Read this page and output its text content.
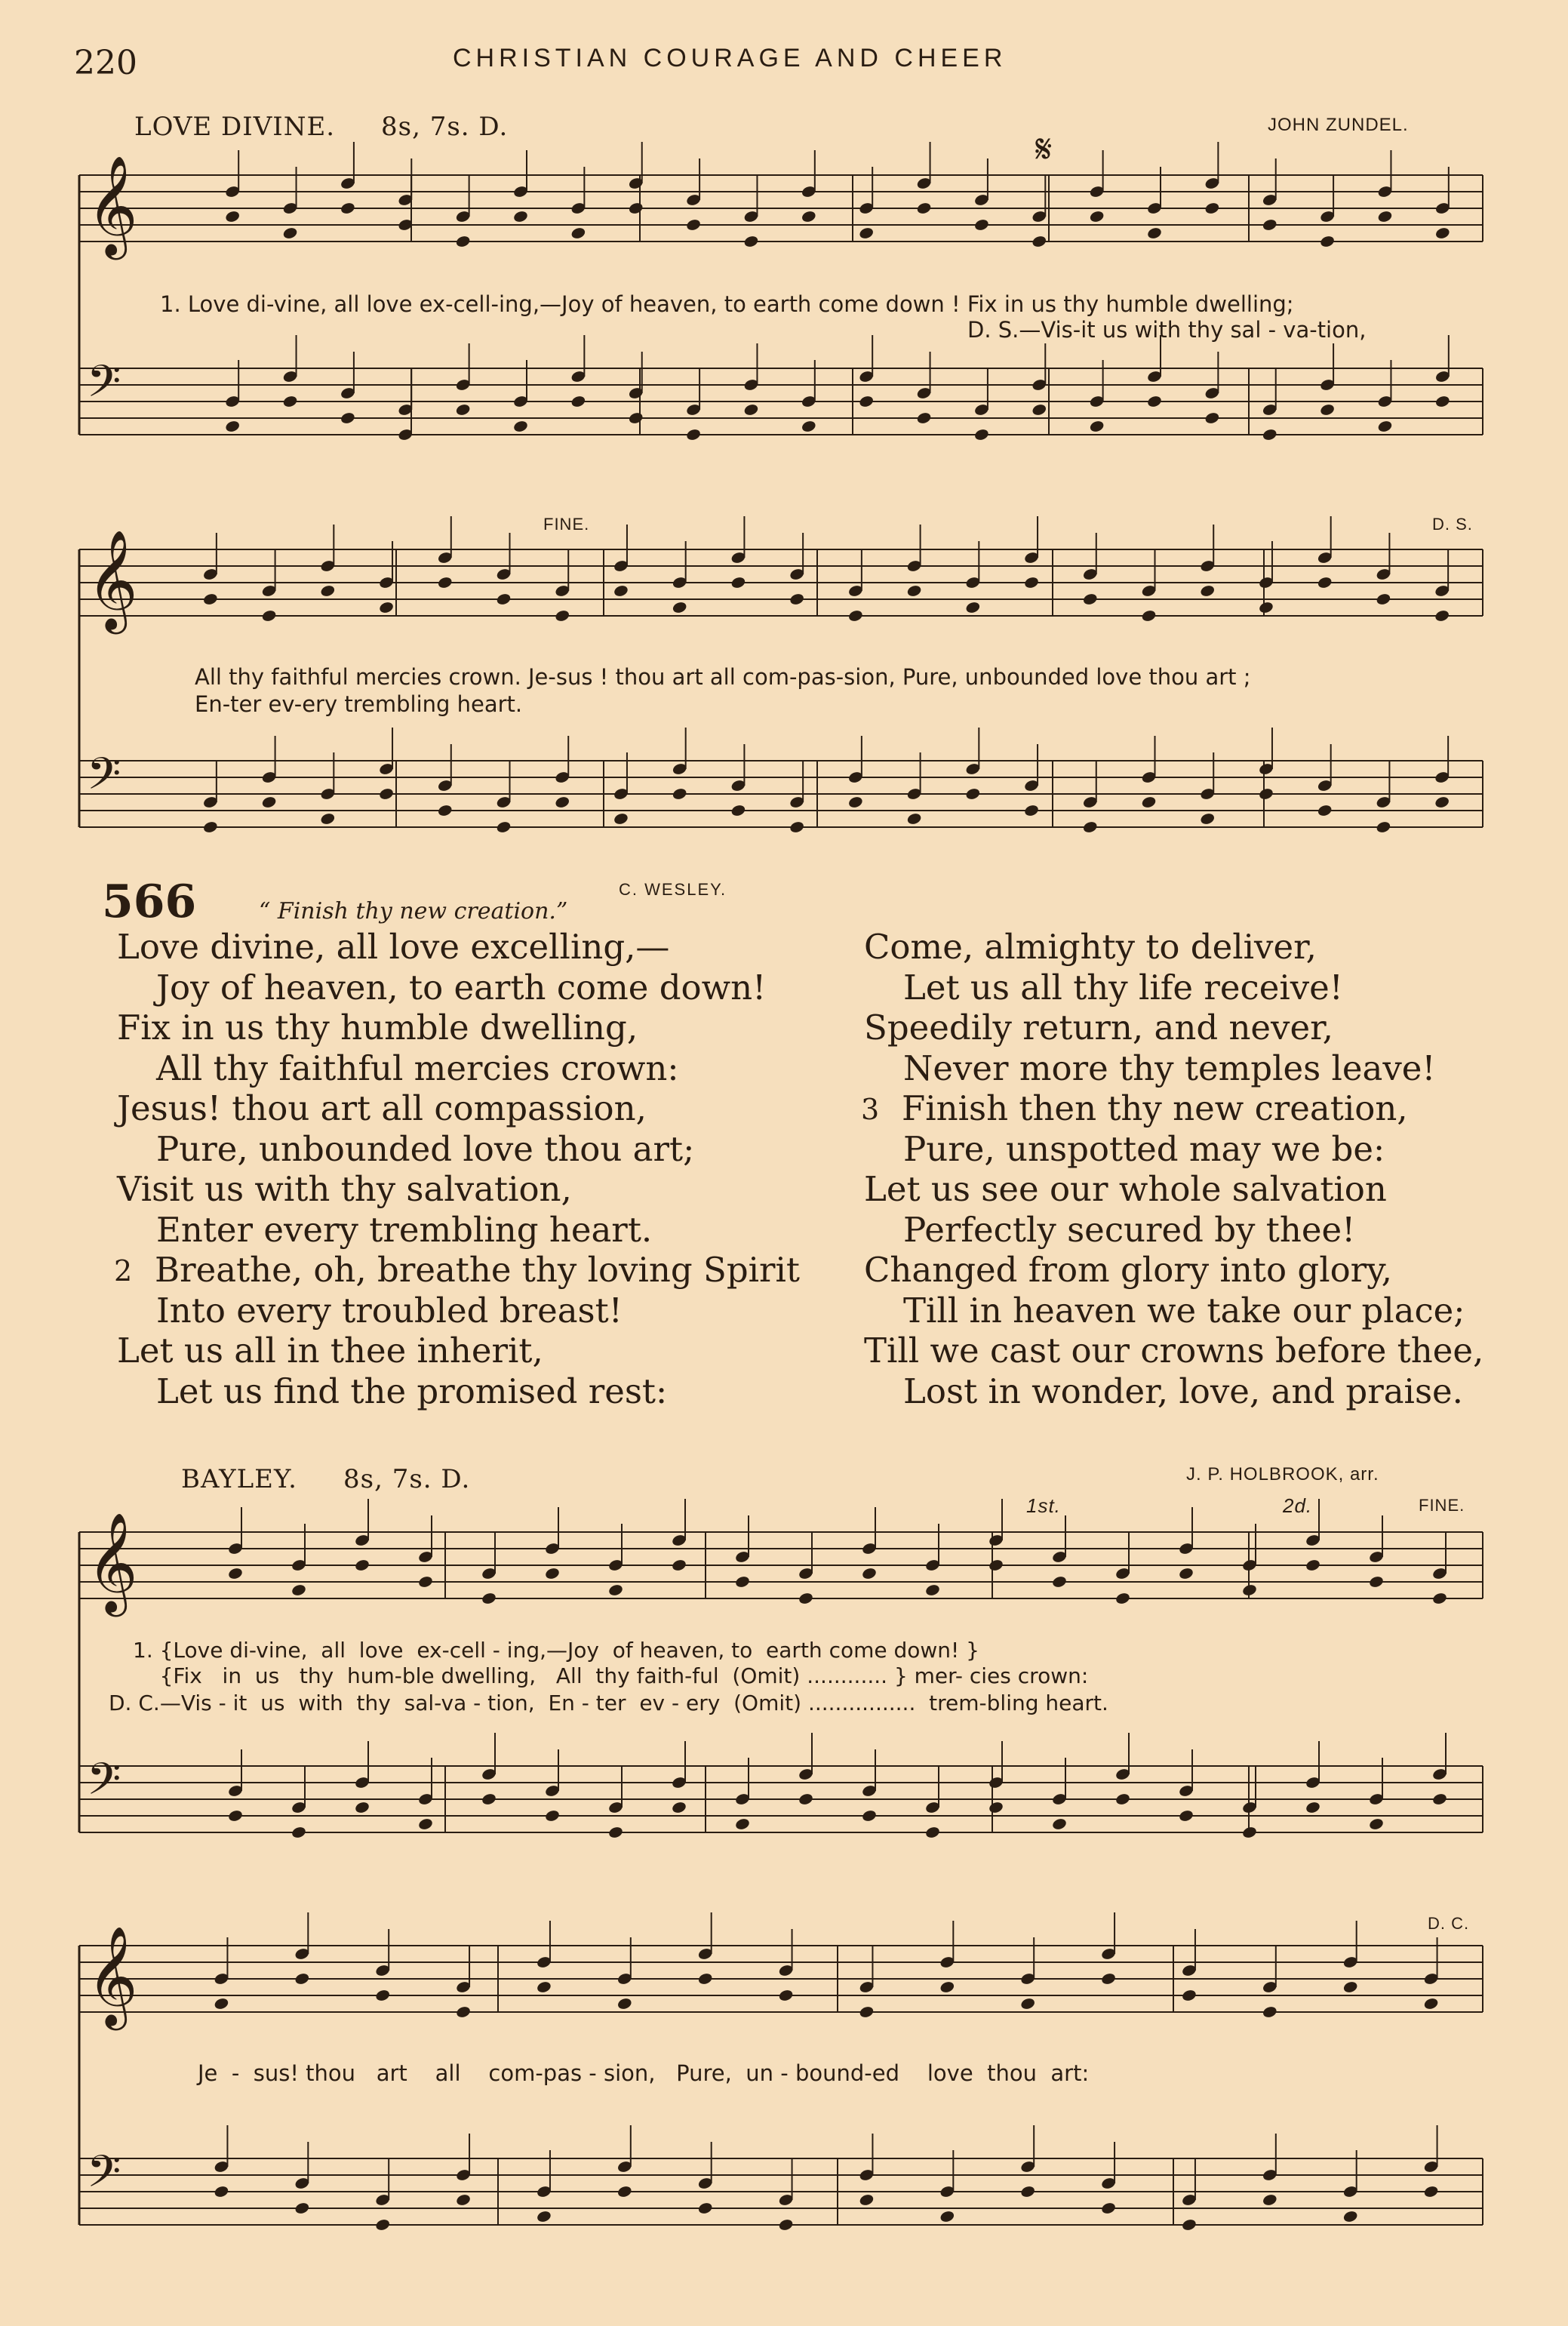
220	CHRISTIAN COURAGE AND CHEER
LOVE DIVINE. 8s, 7s. D.	JOHN ZUNDEL.
𝄋
FINE.	D. S.
1. Love di-vine, all love ex-cell-ing,—Joy of heaven, to earth come down ! Fix in us thy humble dwelling;
D. S.—Vis-it us with thy sal - va-tion,
All thy faithful mercies crown. Je-sus ! thou art all com-pas-sion, Pure, unbounded love thou art ;
En-ter ev-ery trembling heart.
566	“ Finish thy new creation.”
C. WESLEY.
Love divine, all love excelling,—
Joy of heaven, to earth come down!
Fix in us thy humble dwelling,
All thy faithful mercies crown:
Jesus! thou art all compassion,
Pure, unbounded love thou art;
Visit us with thy salvation,
Enter every trembling heart.
2 Breathe, oh, breathe thy loving Spirit
Into every troubled breast!
Let us all in thee inherit,
Let us find the promised rest:
Come, almighty to deliver,
Let us all thy life receive!
Speedily return, and never,
Never more thy temples leave!
3 Finish then thy new creation,
Pure, unspotted may we be:
Let us see our whole salvation
Perfectly secured by thee!
Changed from glory into glory,
Till in heaven we take our place;
Till we cast our crowns before thee,
Lost in wonder, love, and praise.
BAYLEY. 8s, 7s. D.	J. P. HOLBROOK, arr.
1st.	2d.	FINE.
D. C.
1. {Love di-vine,  all  love  ex-cell - ing,—Joy  of heaven, to  earth come down! }
{Fix   in  us   thy  hum-ble dwelling,   All  thy faith-ful  (Omit) ............ } mer- cies crown:
D. C.—Vis - it  us  with  thy  sal-va - tion,  En - ter  ev - ery  (Omit) ................  trem-bling heart.
Je  -  sus! thou   art    all    com-pas - sion,   Pure,  un - bound-ed    love  thou  art:
𝄞
𝄢
𝄞
𝄢
𝄞
𝄢
𝄞
𝄢
